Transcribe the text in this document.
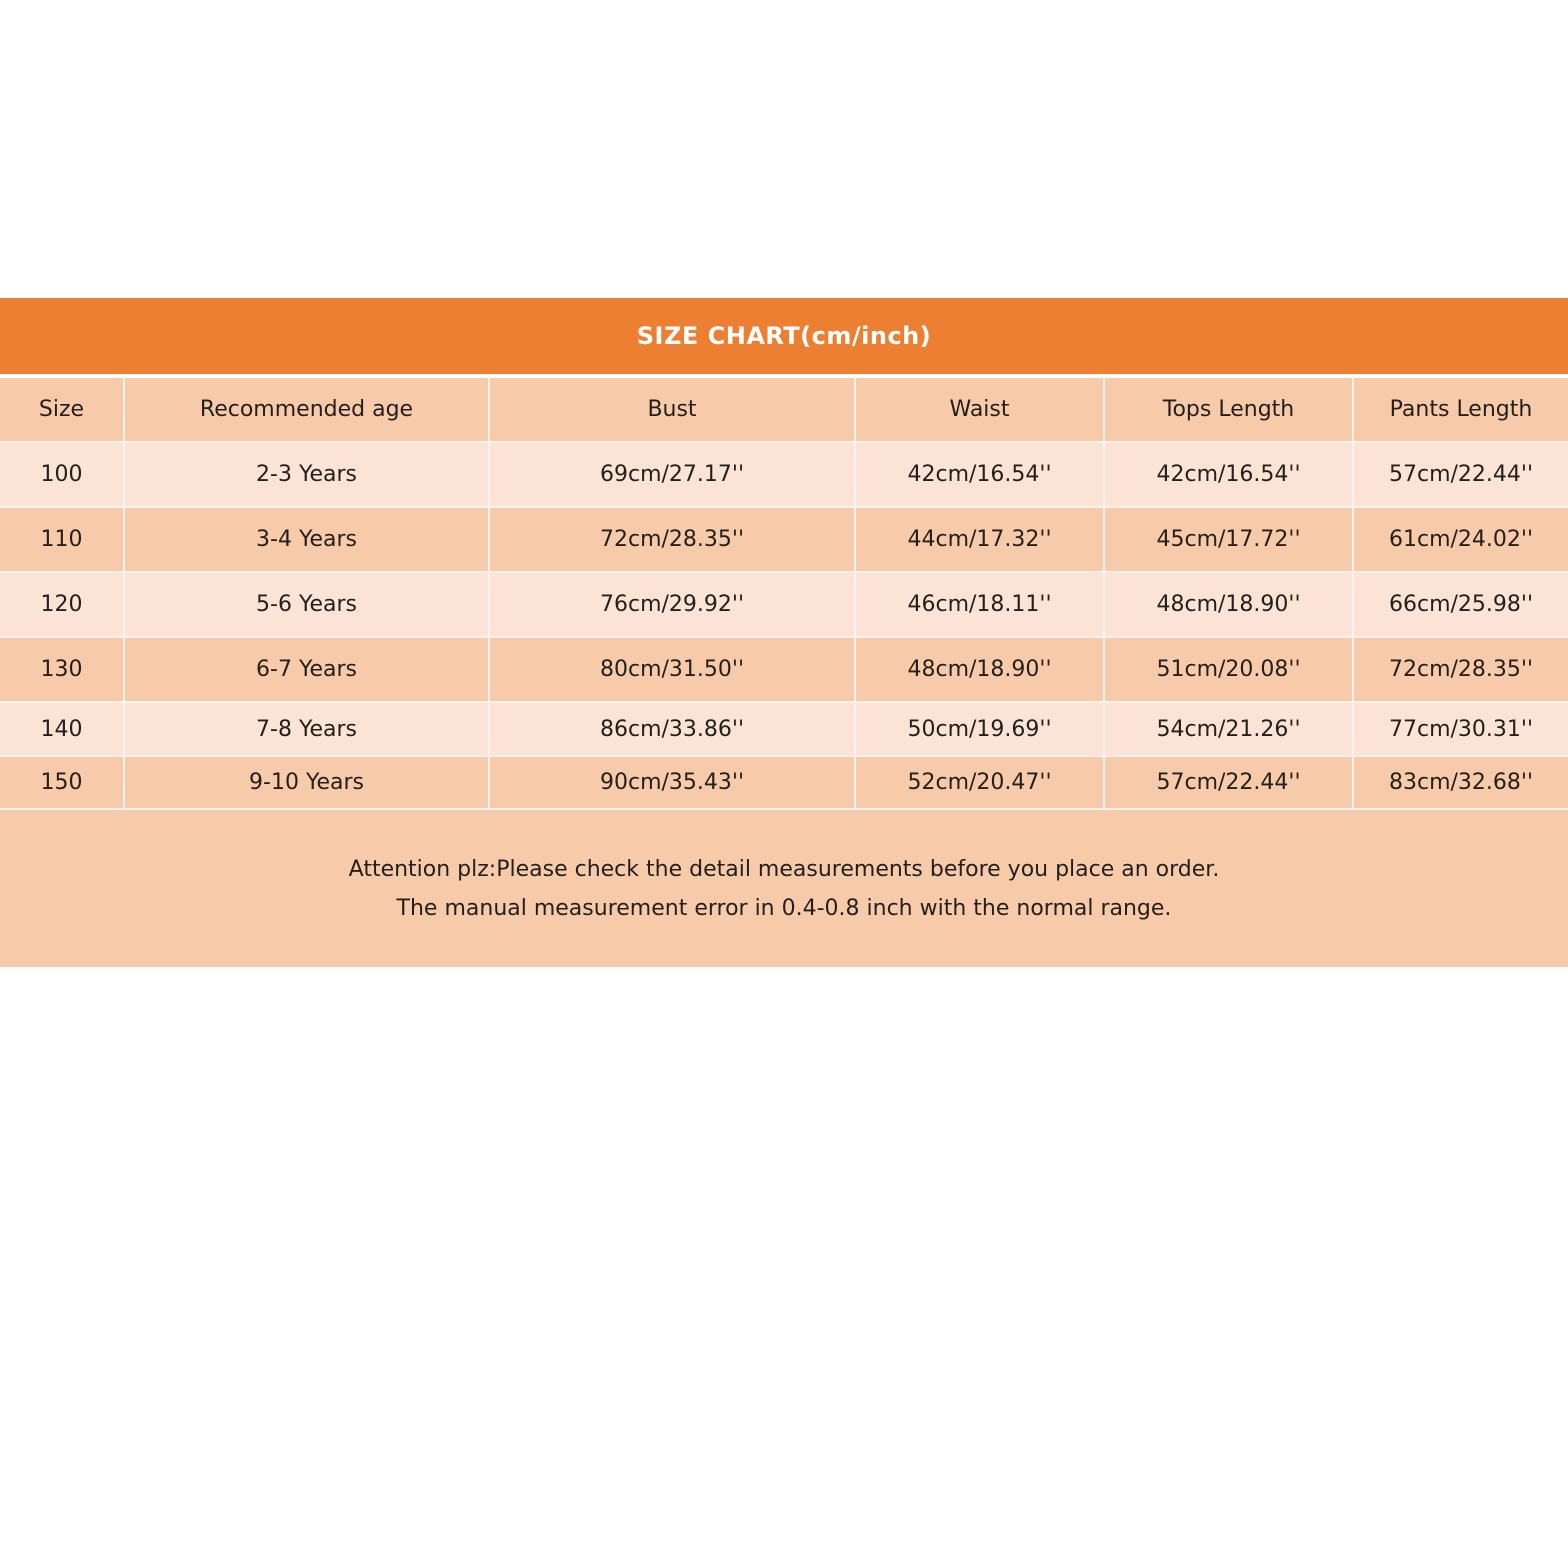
SIZE CHART(cm/inch)
Size	Recommended age	Bust	Waist	Tops Length	Pants Length
100	2-3 Years	69cm/27.17''	42cm/16.54''	42cm/16.54''	57cm/22.44''
110	3-4 Years	72cm/28.35''	44cm/17.32''	45cm/17.72''	61cm/24.02''
120	5-6 Years	76cm/29.92''	46cm/18.11''	48cm/18.90''	66cm/25.98''
130	6-7 Years	80cm/31.50''	48cm/18.90''	51cm/20.08''	72cm/28.35''
140	7-8 Years	86cm/33.86''	50cm/19.69''	54cm/21.26''	77cm/30.31''
150	9-10 Years	90cm/35.43''	52cm/20.47''	57cm/22.44''	83cm/32.68''
Attention plz:Please check the detail measurements before you place an order.
The manual measurement error in 0.4-0.8 inch with the normal range.
